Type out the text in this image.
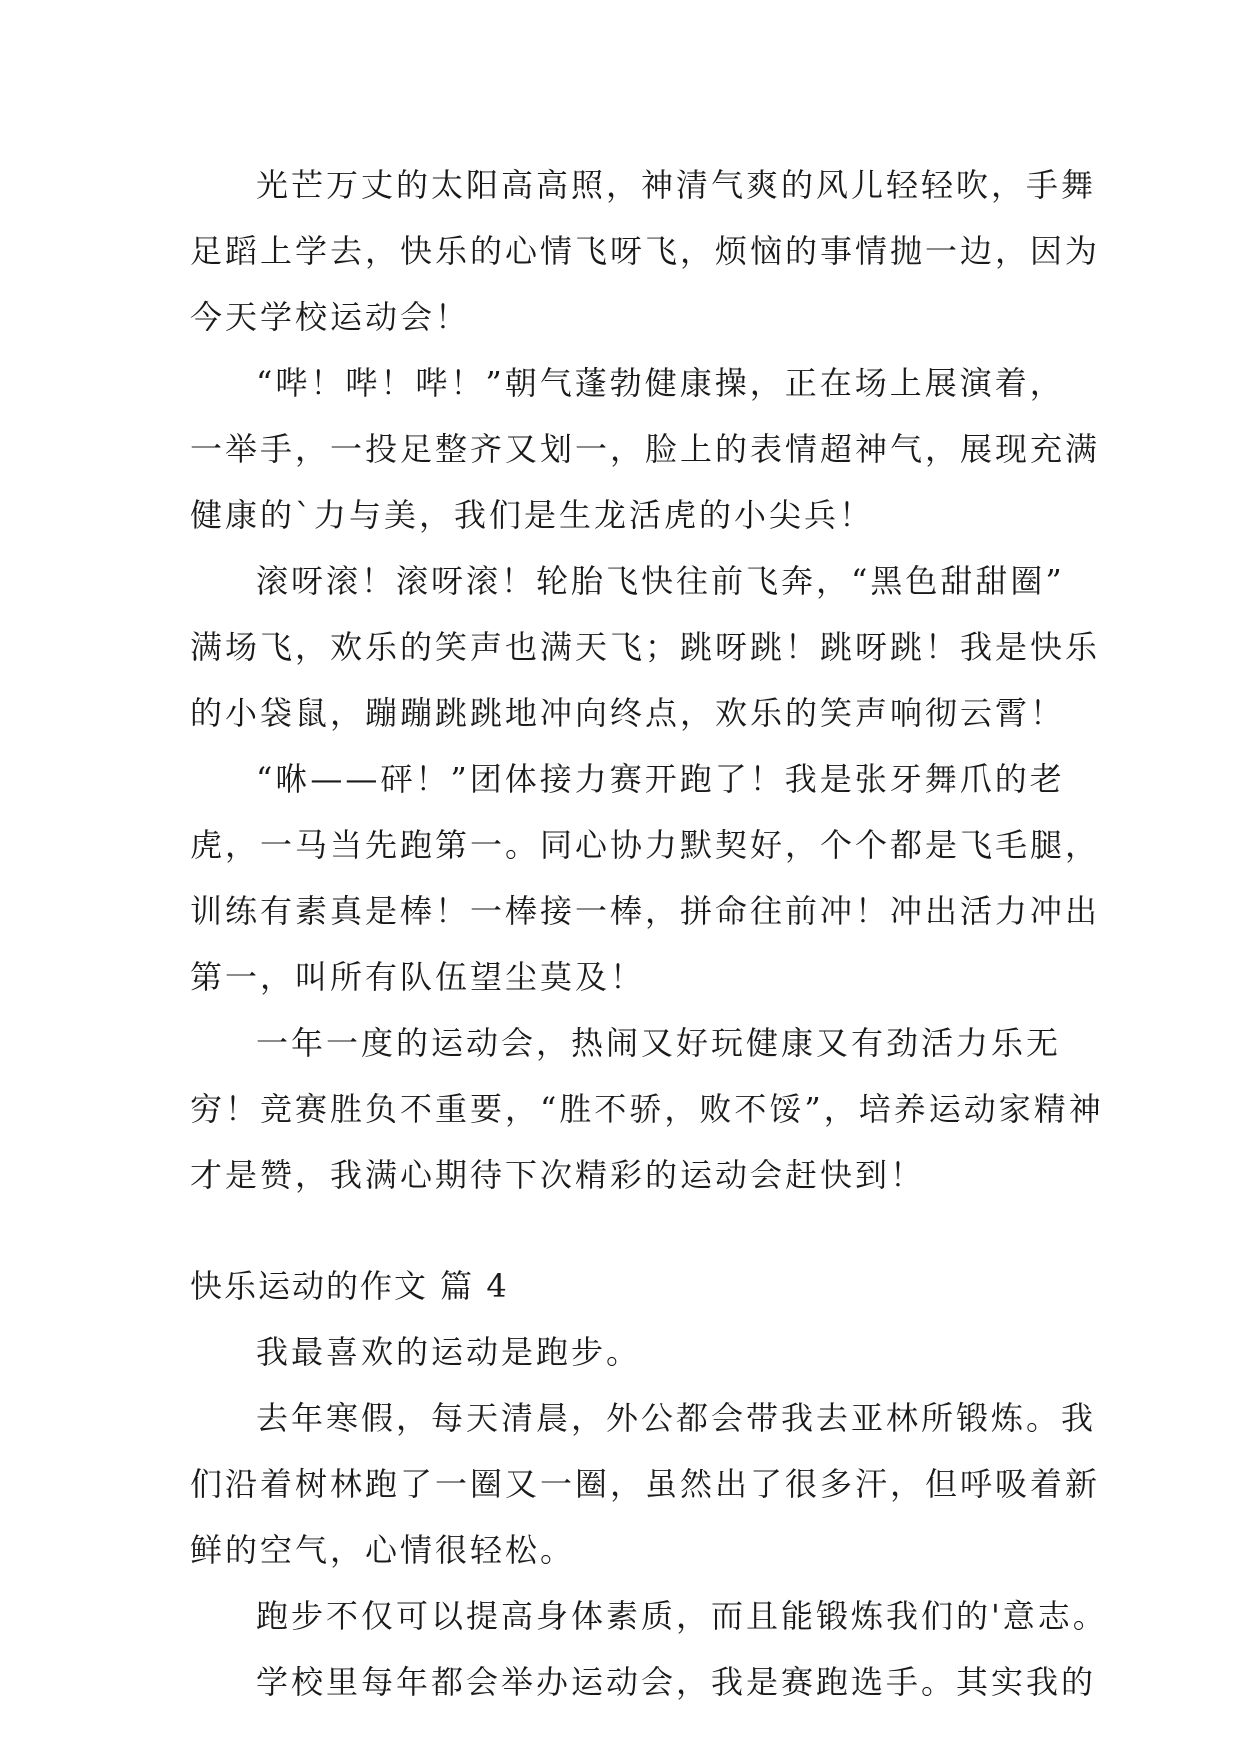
光芒万丈的太阳高高照，神清气爽的风儿轻轻吹，手舞
足蹈上学去，快乐的心情飞呀飞，烦恼的事情抛一边，因为
今天学校运动会！
“哔！哔！哔！”朝气蓬勃健康操，正在场上展演着，
一举手，一投足整齐又划一，脸上的表情超神气，展现充满
健康的`力与美，我们是生龙活虎的小尖兵！
滚呀滚！滚呀滚！轮胎飞快往前飞奔，“黑色甜甜圈”
满场飞，欢乐的笑声也满天飞；跳呀跳！跳呀跳！我是快乐
的小袋鼠，蹦蹦跳跳地冲向终点，欢乐的笑声响彻云霄！
“咻——砰！”团体接力赛开跑了！我是张牙舞爪的老
虎，一马当先跑第一。同心协力默契好，个个都是飞毛腿，
训练有素真是棒！一棒接一棒，拼命往前冲！冲出活力冲出
第一，叫所有队伍望尘莫及！
一年一度的运动会，热闹又好玩健康又有劲活力乐无
穷！竞赛胜负不重要，“胜不骄，败不馁”，培养运动家精神
才是赞，我满心期待下次精彩的运动会赶快到！
快乐运动的作文 篇 4
我最喜欢的运动是跑步。
去年寒假，每天清晨，外公都会带我去亚林所锻炼。我
们沿着树林跑了一圈又一圈，虽然出了很多汗，但呼吸着新
鲜的空气，心情很轻松。
跑步不仅可以提高身体素质，而且能锻炼我们的'意志。
学校里每年都会举办运动会，我是赛跑选手。其实我的
